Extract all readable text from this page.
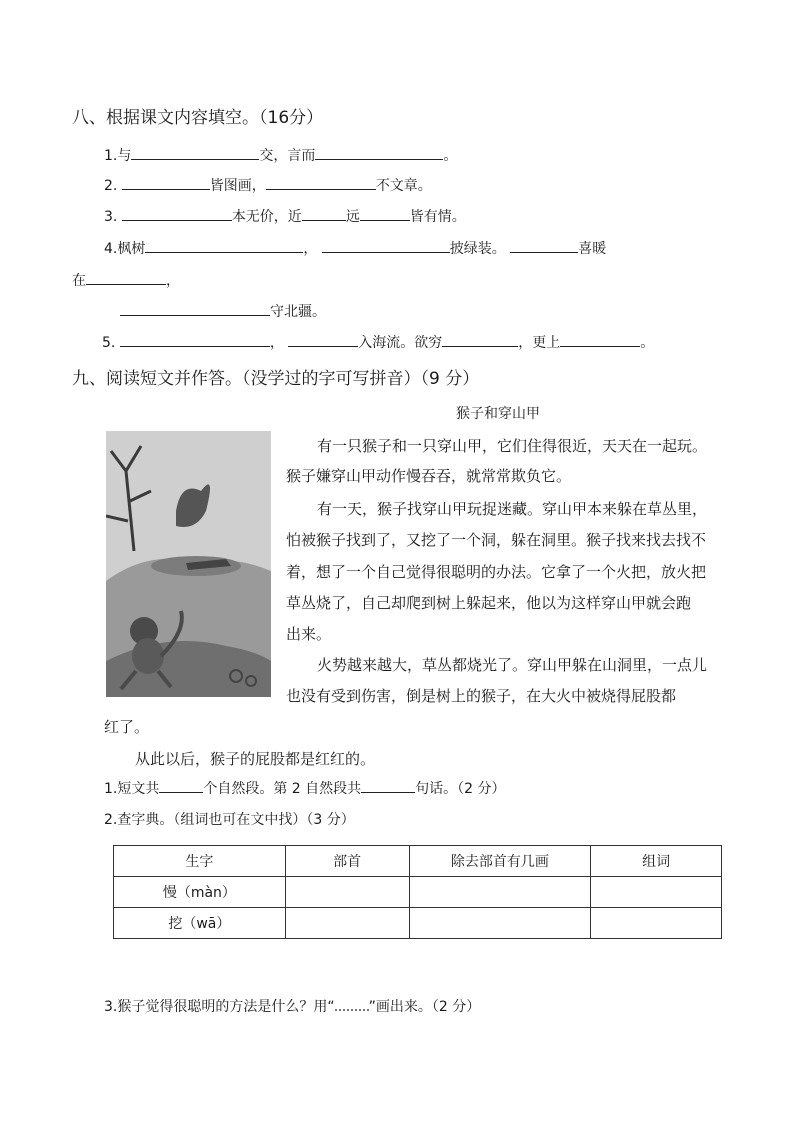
八、根据课文内容填空。（16分）
1.与	交，言而	。
2.	皆图画，	不文章。
3.	本无价，近	远	皆有情。
4.枫树	，	披绿装。	喜暖
在	，
守北疆。
5.	，	入海流。欲穷	，更上	。
九、阅读短文并作答。（没学过的字可写拼音）（9 分）
猴子和穿山甲
有一只猴子和一只穿山甲，它们住得很近，天天在一起玩。
猴子嫌穿山甲动作慢吞吞，就常常欺负它。
有一天，猴子找穿山甲玩捉迷藏。穿山甲本来躲在草丛里，
怕被猴子找到了，又挖了一个洞，躲在洞里。猴子找来找去找不
着，想了一个自己觉得很聪明的办法。它拿了一个火把，放火把
草丛烧了，自己却爬到树上躲起来，他以为这样穿山甲就会跑
出来。
火势越来越大，草丛都烧光了。穿山甲躲在山洞里，一点儿
也没有受到伤害，倒是树上的猴子，在大火中被烧得屁股都
红了。
从此以后，猴子的屁股都是红红的。
1.短文共	个自然段。第 2 自然段共	句话。（2 分）
2.查字典。（组词也可在文中找）（3 分）
生字	部首	除去部首有几画	组词
慢（màn）			
挖（wā）			
3.猴子觉得很聪明的方法是什么？用“ ”画出来。（2 分）
